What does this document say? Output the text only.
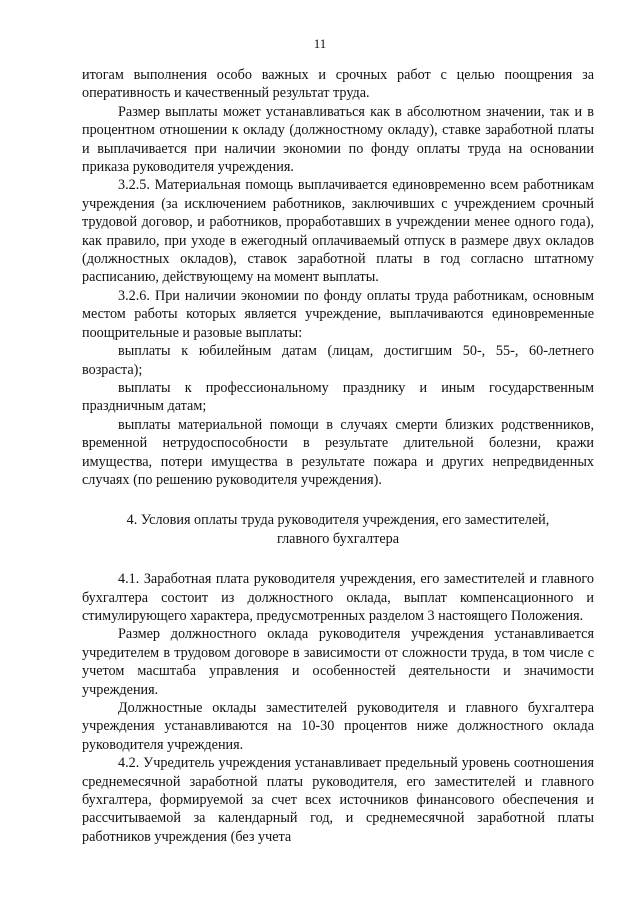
11

итогам выполнения особо важных и срочных работ с целью поощрения за оперативность и качественный результат труда.

Размер выплаты может устанавливаться как в абсолютном значении, так и в процентном отношении к окладу (должностному окладу), ставке заработной платы и выплачивается при наличии экономии по фонду оплаты труда на основании приказа руководителя учреждения.

3.2.5. Материальная помощь выплачивается единовременно всем работникам учреждения (за исключением работников, заключивших с учреждением срочный трудовой договор, и работников, проработавших в учреждении менее одного года), как правило, при уходе в ежегодный оплачиваемый отпуск в размере двух окладов (должностных окладов), ставок заработной платы в год согласно штатному расписанию, действующему на момент выплаты.

3.2.6. При наличии экономии по фонду оплаты труда работникам, основным местом работы которых является учреждение, выплачиваются единовременные поощрительные и разовые выплаты:

выплаты к юбилейным датам (лицам, достигшим 50-, 55-, 60-летнего возраста);

выплаты к профессиональному празднику и иным государственным праздничным датам;

выплаты материальной помощи в случаях смерти близких родственников, временной нетрудоспособности в результате длительной болезни, кражи имущества, потери имущества в результате пожара и других непредвиденных случаях (по решению руководителя учреждения).

4. Условия оплаты труда руководителя учреждения, его заместителей,
главного бухгалтера

4.1. Заработная плата руководителя учреждения, его заместителей и главного бухгалтера состоит из должностного оклада, выплат компенсационного и стимулирующего характера, предусмотренных разделом 3 настоящего Положения.

Размер должностного оклада руководителя учреждения устанавливается учредителем в трудовом договоре в зависимости от сложности труда, в том числе с учетом масштаба управления и особенностей деятельности и значимости учреждения.

Должностные оклады заместителей руководителя и главного бухгалтера учреждения устанавливаются на 10-30 процентов ниже должностного оклада руководителя учреждения.

4.2. Учредитель учреждения устанавливает предельный уровень соотношения среднемесячной заработной платы руководителя, его заместителей и главного бухгалтера, формируемой за счет всех источников финансового обеспечения и рассчитываемой за календарный год, и среднемесячной заработной платы работников учреждения (без учета
